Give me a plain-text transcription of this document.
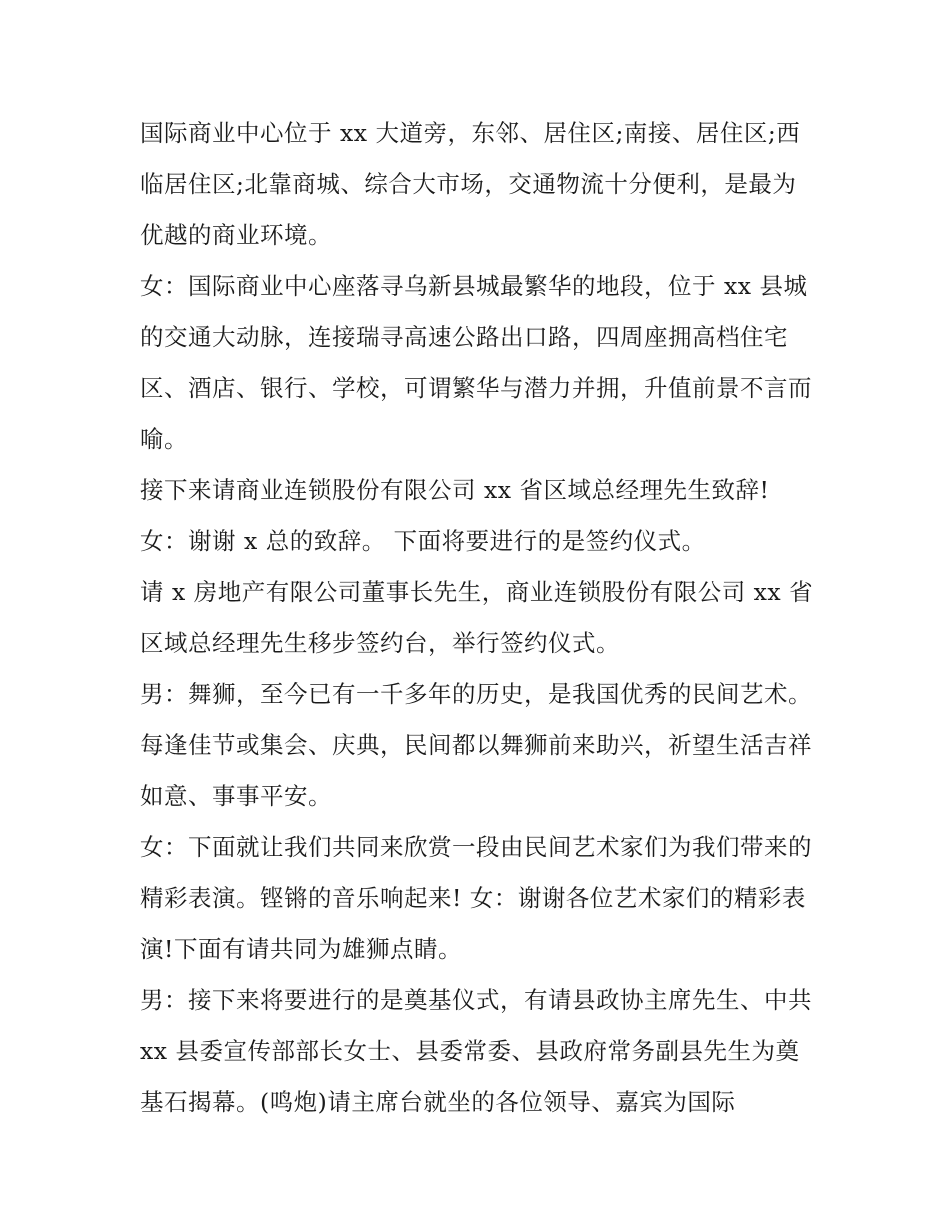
国际商业中心位于 xx 大道旁，东邻、居住区;南接、居住区;西临居住区;北靠商城、综合大市场，交通物流十分便利，是最为优越的商业环境。

女：国际商业中心座落寻乌新县城最繁华的地段，位于 xx 县城的交通大动脉，连接瑞寻高速公路出口路，四周座拥高档住宅区、酒店、银行、学校，可谓繁华与潜力并拥，升值前景不言而喻。

接下来请商业连锁股份有限公司 xx 省区域总经理先生致辞!

女：谢谢 x 总的致辞。 下面将要进行的是签约仪式。

请 x 房地产有限公司董事长先生，商业连锁股份有限公司 xx 省区域总经理先生移步签约台，举行签约仪式。

男：舞狮，至今已有一千多年的历史，是我国优秀的民间艺术。每逢佳节或集会、庆典，民间都以舞狮前来助兴，祈望生活吉祥如意、事事平安。

女：下面就让我们共同来欣赏一段由民间艺术家们为我们带来的精彩表演。铿锵的音乐响起来! 女：谢谢各位艺术家们的精彩表演!下面有请共同为雄狮点睛。

男：接下来将要进行的是奠基仪式，有请县政协主席先生、中共 xx 县委宣传部部长女士、县委常委、县政府常务副县先生为奠基石揭幕。(鸣炮)请主席台就坐的各位领导、嘉宾为国际
